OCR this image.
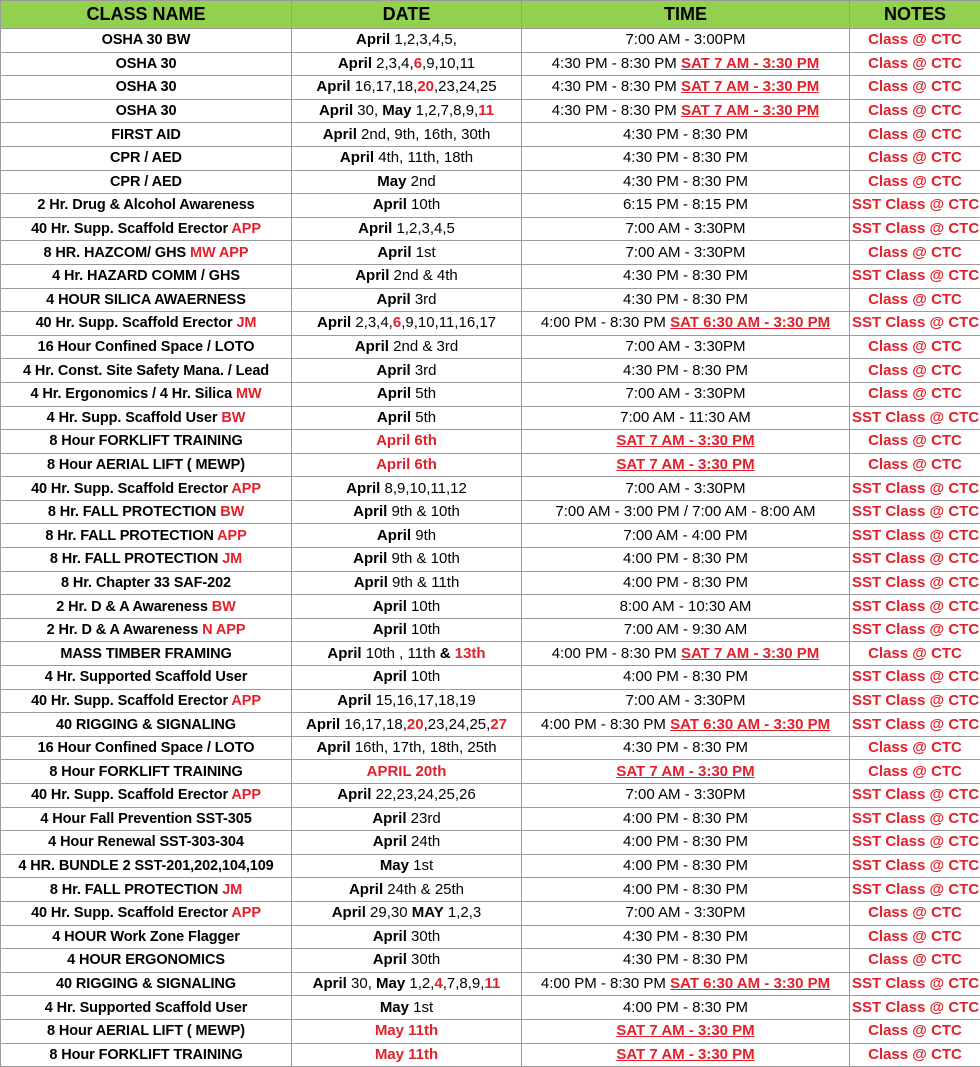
CLASS NAME	DATE	TIME	NOTES
OSHA 30 BW	April 1,2,3,4,5,	7:00 AM - 3:00PM	Class @ CTC
OSHA 30	April 2,3,4,6,9,10,11	4:30 PM - 8:30 PM SAT 7 AM - 3:30 PM	Class @ CTC
OSHA 30	April 16,17,18,20,23,24,25	4:30 PM - 8:30 PM SAT 7 AM - 3:30 PM	Class @ CTC
OSHA 30	April 30, May 1,2,7,8,9,11	4:30 PM - 8:30 PM SAT 7 AM - 3:30 PM	Class @ CTC
FIRST AID	April 2nd, 9th, 16th, 30th	4:30 PM - 8:30 PM	Class @ CTC
CPR / AED	April 4th, 11th, 18th	4:30 PM - 8:30 PM	Class @ CTC
CPR / AED	May 2nd	4:30 PM - 8:30 PM	Class @ CTC
2 Hr. Drug & Alcohol Awareness	April 10th	6:15 PM - 8:15 PM	SST Class @ CTC
40 Hr. Supp. Scaffold Erector APP	April 1,2,3,4,5	7:00 AM - 3:30PM	SST Class @ CTC
8 HR. HAZCOM/ GHS MW APP	April 1st	7:00 AM - 3:30PM	Class @ CTC
4 Hr. HAZARD COMM / GHS	April 2nd & 4th	4:30 PM - 8:30 PM	SST Class @ CTC
4 HOUR SILICA AWAERNESS	April 3rd	4:30 PM - 8:30 PM	Class @ CTC
40 Hr. Supp. Scaffold Erector JM	April 2,3,4,6,9,10,11,16,17	4:00 PM - 8:30 PM SAT 6:30 AM - 3:30 PM	SST Class @ CTC
16 Hour Confined Space / LOTO	April 2nd & 3rd	7:00 AM - 3:30PM	Class @ CTC
4 Hr. Const. Site Safety Mana. / Lead	April 3rd	4:30 PM - 8:30 PM	Class @ CTC
4 Hr. Ergonomics / 4 Hr. Silica MW	April 5th	7:00 AM - 3:30PM	Class @ CTC
4 Hr. Supp. Scaffold User BW	April 5th	7:00 AM - 11:30 AM	SST Class @ CTC
8 Hour FORKLIFT TRAINING	April 6th	SAT 7 AM - 3:30 PM	Class @ CTC
8 Hour AERIAL LIFT ( MEWP)	April 6th	SAT 7 AM - 3:30 PM	Class @ CTC
40 Hr. Supp. Scaffold Erector APP	April 8,9,10,11,12	7:00 AM - 3:30PM	SST Class @ CTC
8 Hr. FALL PROTECTION BW	April 9th & 10th	7:00 AM - 3:00 PM / 7:00 AM - 8:00 AM	SST Class @ CTC
8 Hr. FALL PROTECTION APP	April 9th	7:00 AM - 4:00 PM	SST Class @ CTC
8 Hr. FALL PROTECTION JM	April 9th & 10th	4:00 PM - 8:30 PM	SST Class @ CTC
8 Hr. Chapter 33 SAF-202	April 9th & 11th	4:00 PM - 8:30 PM	SST Class @ CTC
2 Hr. D & A Awareness BW	April 10th	8:00 AM - 10:30 AM	SST Class @ CTC
2 Hr. D & A Awareness N APP	April 10th	7:00 AM - 9:30 AM	SST Class @ CTC
MASS TIMBER FRAMING	April 10th , 11th & 13th	4:00 PM - 8:30 PM SAT 7 AM - 3:30 PM	Class @ CTC
4 Hr. Supported Scaffold User	April 10th	4:00 PM - 8:30 PM	SST Class @ CTC
40 Hr. Supp. Scaffold Erector APP	April 15,16,17,18,19	7:00 AM - 3:30PM	SST Class @ CTC
40 RIGGING & SIGNALING	April 16,17,18,20,23,24,25,27	4:00 PM - 8:30 PM SAT 6:30 AM - 3:30 PM	SST Class @ CTC
16 Hour Confined Space / LOTO	April 16th, 17th, 18th, 25th	4:30 PM - 8:30 PM	Class @ CTC
8 Hour FORKLIFT TRAINING	APRIL 20th	SAT 7 AM - 3:30 PM	Class @ CTC
40 Hr. Supp. Scaffold Erector APP	April 22,23,24,25,26	7:00 AM - 3:30PM	SST Class @ CTC
4 Hour Fall Prevention SST-305	April 23rd	4:00 PM - 8:30 PM	SST Class @ CTC
4 Hour Renewal SST-303-304	April 24th	4:00 PM - 8:30 PM	SST Class @ CTC
4 HR. BUNDLE 2 SST-201,202,104,109	May 1st	4:00 PM - 8:30 PM	SST Class @ CTC
8 Hr. FALL PROTECTION JM	April 24th & 25th	4:00 PM - 8:30 PM	SST Class @ CTC
40 Hr. Supp. Scaffold Erector APP	April 29,30 MAY 1,2,3	7:00 AM - 3:30PM	Class @ CTC
4 HOUR Work Zone Flagger	April 30th	4:30 PM - 8:30 PM	Class @ CTC
4 HOUR ERGONOMICS	April 30th	4:30 PM - 8:30 PM	Class @ CTC
40 RIGGING & SIGNALING	April 30, May 1,2,4,7,8,9,11	4:00 PM - 8:30 PM SAT 6:30 AM - 3:30 PM	SST Class @ CTC
4 Hr. Supported Scaffold User	May 1st	4:00 PM - 8:30 PM	SST Class @ CTC
8 Hour AERIAL LIFT ( MEWP)	May 11th	SAT 7 AM - 3:30 PM	Class @ CTC
8 Hour FORKLIFT TRAINING	May 11th	SAT 7 AM - 3:30 PM	Class @ CTC
